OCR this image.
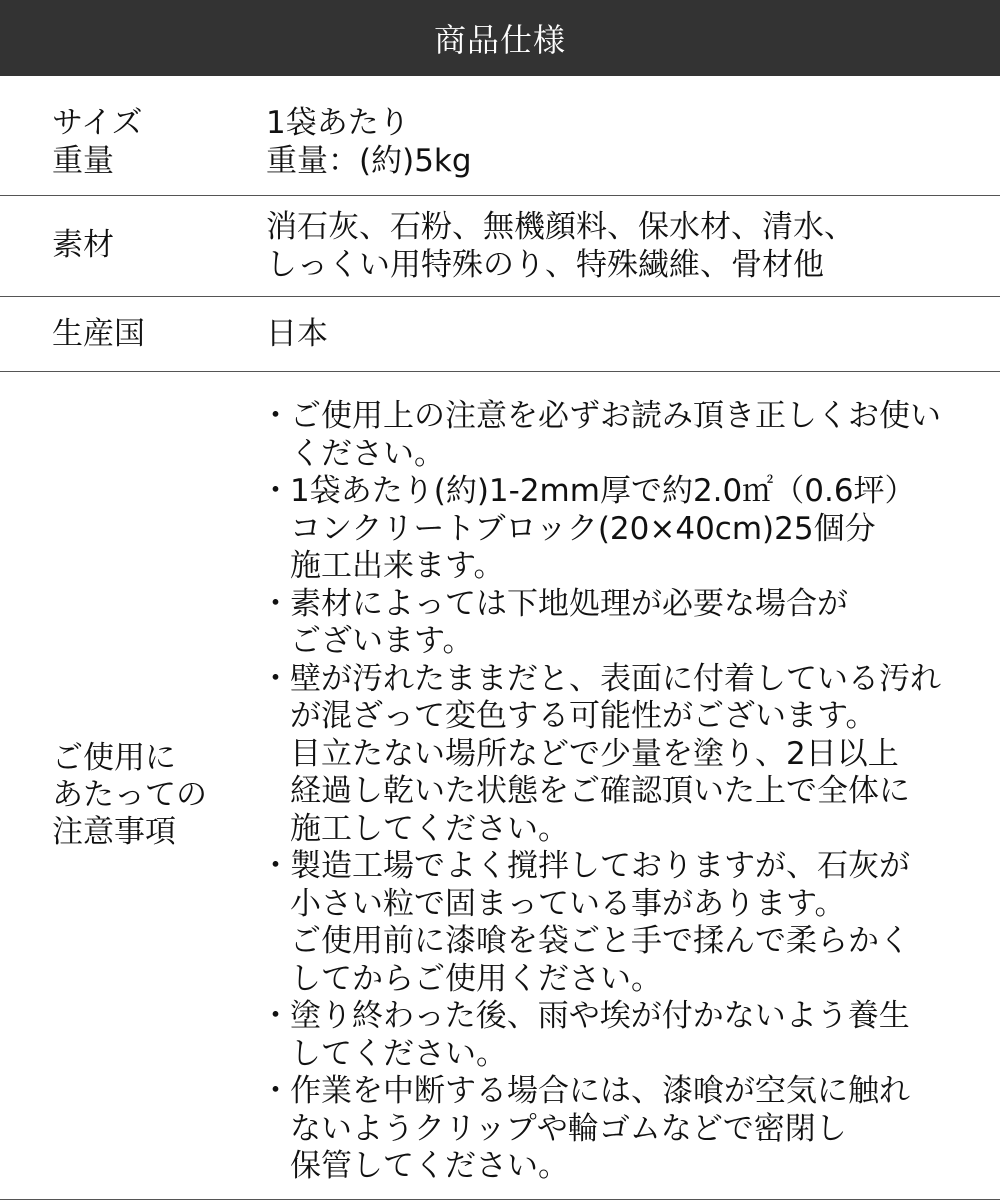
商品仕様
サイズ
重量
1袋あたり
重量：(約)5kg
素材	消石灰、石粉、無機顔料、保水材、清水、
しっくい用特殊のり、特殊繊維、骨材他
生産国	日本
ご使用に
あたっての
注意事項
・ ご使用上の注意を必ずお読み頂き正しくお使い
ください。
・ 1袋あたり(約)1-2mm厚で約2.0㎡（0.6坪）
コンクリートブロック(20×40cm)25個分
施工出来ます。
・ 素材によっては下地処理が必要な場合が
ございます。
・ 壁が汚れたままだと、表面に付着している汚れ
が混ざって変色する可能性がございます。
目立たない場所などで少量を塗り、2日以上
経過し乾いた状態をご確認頂いた上で全体に
施工してください。
・ 製造工場でよく撹拌しておりますが、石灰が
小さい粒で固まっている事があります。
ご使用前に漆喰を袋ごと手で揉んで柔らかく
してからご使用ください。
・ 塗り終わった後、雨や埃が付かないよう養生
してください。
・ 作業を中断する場合には、漆喰が空気に触れ
ないようクリップや輪ゴムなどで密閉し
保管してください。
